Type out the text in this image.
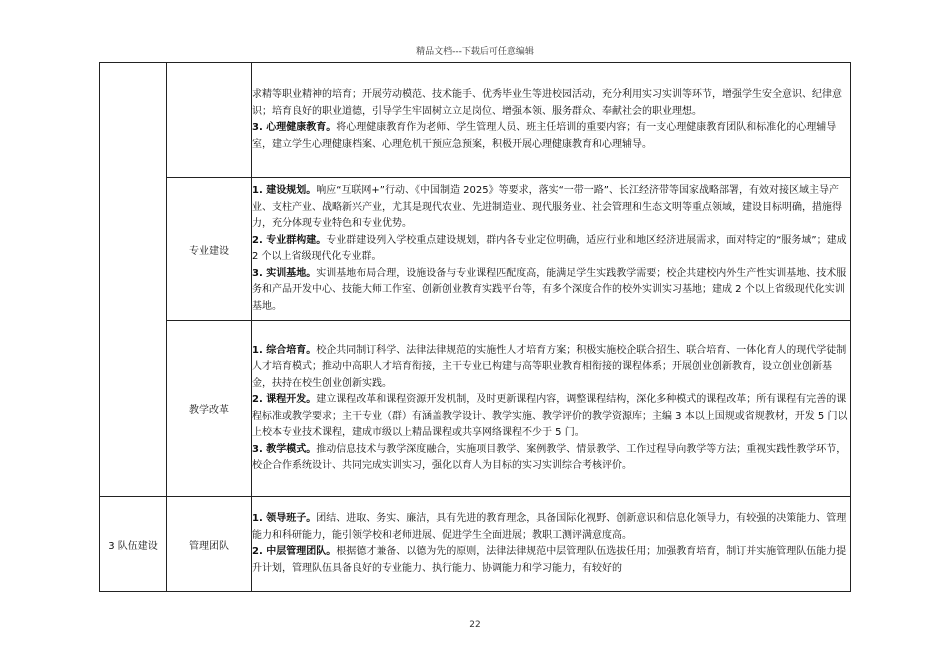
精品文档---下载后可任意编辑

		求精等职业精神的培育；开展劳动模范、技术能手、优秀毕业生等进校园活动，充分利用实习实训等环节，增强学生安全意识、纪律意识；培育良好的职业道德，引导学生牢固树立立足岗位、增强本领、服务群众、奉献社会的职业理想。

3. 心理健康教育。将心理健康教育作为老师、学生管理人员、班主任培训的重要内容；有一支心理健康教育团队和标准化的心理辅导室，建立学生心理健康档案、心理危机干预应急预案，积极开展心理健康教育和心理辅导。

	专业建设	1. 建设规划。响应“互联网+”行动、《中国制造 2025》等要求，落实“一带一路”、长江经济带等国家战略部署，有效对接区域主导产业、支柱产业、战略新兴产业，尤其是现代农业、先进制造业、现代服务业、社会管理和生态文明等重点领域，建设目标明确，措施得力，充分体现专业特色和专业优势。

2. 专业群构建。专业群建设列入学校重点建设规划，群内各专业定位明确，适应行业和地区经济进展需求，面对特定的“服务域”；建成 2 个以上省级现代化专业群。

3. 实训基地。实训基地布局合理，设施设备与专业课程匹配度高，能满足学生实践教学需要；校企共建校内外生产性实训基地、技术服务和产品开发中心、技能大师工作室、创新创业教育实践平台等，有多个深度合作的校外实训实习基地；建成 2 个以上省级现代化实训基地。

	教学改革	1. 综合培育。校企共同制订科学、法律法律规范的实施性人才培育方案；积极实施校企联合招生、联合培育、一体化育人的现代学徒制人才培育模式；推动中高职人才培育衔接，主干专业已构建与高等职业教育相衔接的课程体系；开展创业创新教育，设立创业创新基金，扶持在校生创业创新实践。

2. 课程开发。建立课程改革和课程资源开发机制，及时更新课程内容，调整课程结构，深化多种模式的课程改革；所有课程有完善的课程标准或教学要求；主干专业（群）有涵盖教学设计、教学实施、教学评价的教学资源库；主编 3 本以上国规或省规教材，开发 5 门以上校本专业技术课程，建成市级以上精品课程或共享网络课程不少于 5 门。

3. 教学模式。推动信息技术与教学深度融合，实施项目教学、案例教学、情景教学、工作过程导向教学等方法；重视实践性教学环节，校企合作系统设计、共同完成实训实习，强化以育人为目标的实习实训综合考核评价。

3 队伍建设	管理团队	1. 领导班子。团结、进取、务实、廉洁，具有先进的教育理念，具备国际化视野、创新意识和信息化领导力，有较强的决策能力、管理能力和科研能力，能引领学校和老师进展、促进学生全面进展；教职工测评满意度高。

2. 中层管理团队。根据德才兼备、以德为先的原则，法律法律规范中层管理队伍选拔任用；加强教育培育，制订并实施管理队伍能力提升计划，管理队伍具备良好的专业能力、执行能力、协调能力和学习能力，有较好的

22
